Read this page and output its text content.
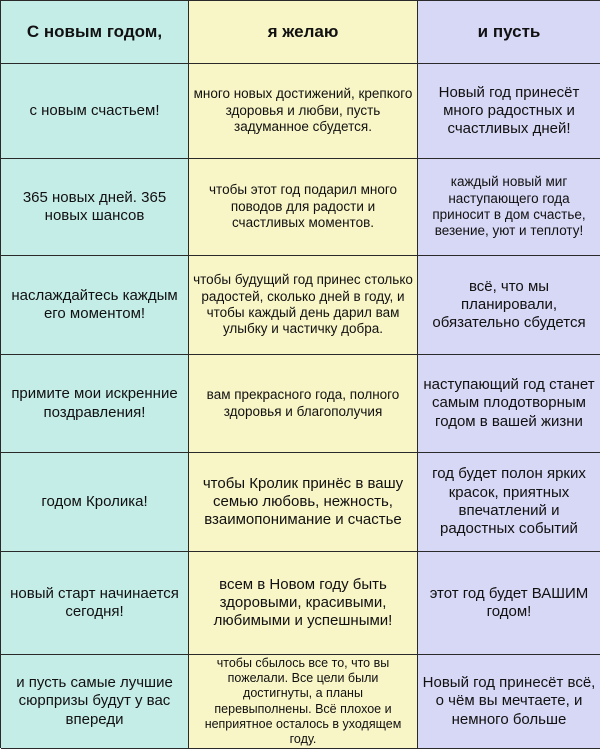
С новым годом,	я желаю	и пусть
с новым счастьем!
много новых достижений, крепкого здоровья и любви, пусть задуманное сбудется.
Новый год принесёт много радостных и счастливых дней!
365 новых дней. 365 новых шансов
чтобы этот год подарил много поводов для радости и счастливых моментов.
каждый новый миг наступающего года приносит в дом счастье, везение, уют и теплоту!
наслаждайтесь каждым его моментом!
чтобы будущий год принес столько радостей, сколько дней в году, и чтобы каждый день дарил вам улыбку и частичку добра.
всё, что мы планировали, обязательно сбудется
примите мои искренние поздравления!
вам прекрасного года, полного здоровья и благополучия
наступающий год станет самым плодотворным годом в вашей жизни
годом Кролика!
чтобы Кролик принёс в вашу семью любовь, нежность, взаимопонимание и счастье
год будет полон ярких красок, приятных впечатлений и радостных событий
новый старт начинается сегодня!
всем в Новом году быть здоровыми, красивыми, любимыми и успешными!
этот год будет ВАШИМ годом!
и пусть самые лучшие сюрпризы будут у вас впереди
чтобы сбылось все то, что вы пожелали. Все цели были достигнуты, а планы перевыполнены. Всё плохое и неприятное осталось в уходящем году.
Новый год принесёт всё, о чём вы мечтаете, и немного больше
